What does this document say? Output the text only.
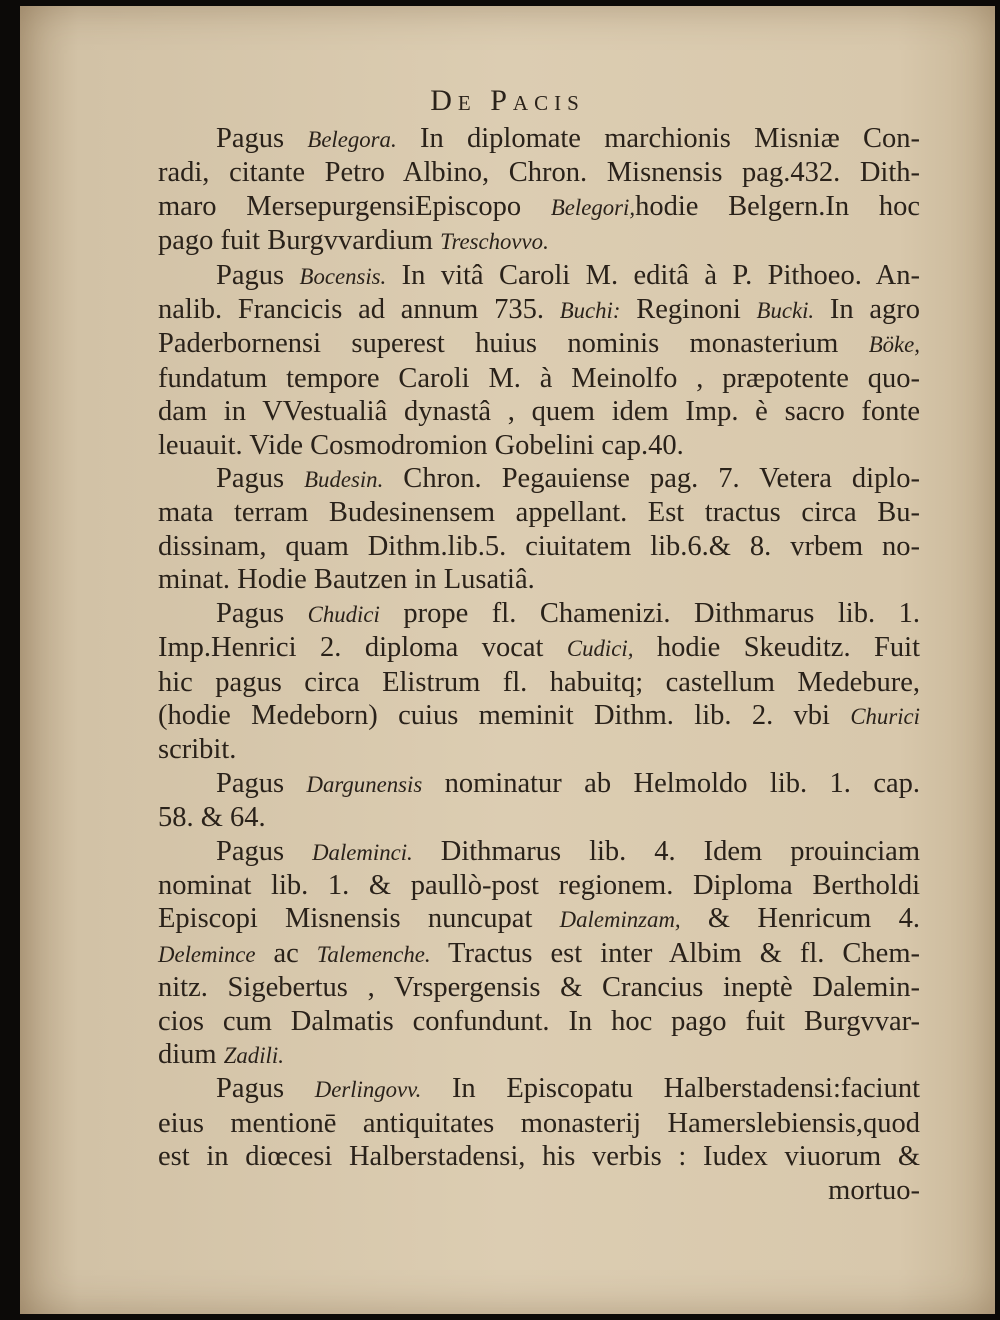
De Pacis
Pagus Belegora. In diplomate marchionis Misniæ Con-
radi, citante Petro Albino, Chron. Misnensis pag.432. Dith-
maro MersepurgensiEpiscopo Belegori,hodie Belgern.In hoc
pago fuit Burgvvardium Treschovvo.
Pagus Bocensis. In vitâ Caroli M. editâ à P. Pithoeo. An-
nalib. Francicis ad annum 735. Buchi: Reginoni Bucki. In agro
Paderbornensi superest huius nominis monasterium Böke,
fundatum tempore Caroli M. à Meinolfo , præpotente quo-
dam in VVestualiâ dynastâ , quem idem Imp. è sacro fonte
leuauit. Vide Cosmodromion Gobelini cap.40.
Pagus Budesin. Chron. Pegauiense pag. 7. Vetera diplo-
mata terram Budesinensem appellant. Est tractus circa Bu-
dissinam, quam Dithm.lib.5. ciuitatem lib.6.& 8. vrbem no-
minat. Hodie Bautzen in Lusatiâ.
Pagus Chudici prope fl. Chamenizi. Dithmarus lib. 1.
Imp.Henrici 2. diploma vocat Cudici, hodie Skeuditz. Fuit
hic pagus circa Elistrum fl. habuitq; castellum Medebure,
(hodie Medeborn) cuius meminit Dithm. lib. 2. vbi Churici
scribit.
Pagus Dargunensis nominatur ab Helmoldo lib. 1. cap.
58. & 64.
Pagus Daleminci. Dithmarus lib. 4. Idem prouinciam
nominat lib. 1. & paullò-post regionem. Diploma Bertholdi
Episcopi Misnensis nuncupat Daleminzam, & Henricum 4.
Delemince ac Talemenche. Tractus est inter Albim & fl. Chem-
nitz. Sigebertus , Vrspergensis & Crancius ineptè Dalemin-
cios cum Dalmatis confundunt. In hoc pago fuit Burgvvar-
dium Zadili.
Pagus Derlingovv. In Episcopatu Halberstadensi:faciunt
eius mentionē antiquitates monasterij Hamerslebiensis,quod
est in diœcesi Halberstadensi, his verbis : Iudex viuorum &
mortuo-
